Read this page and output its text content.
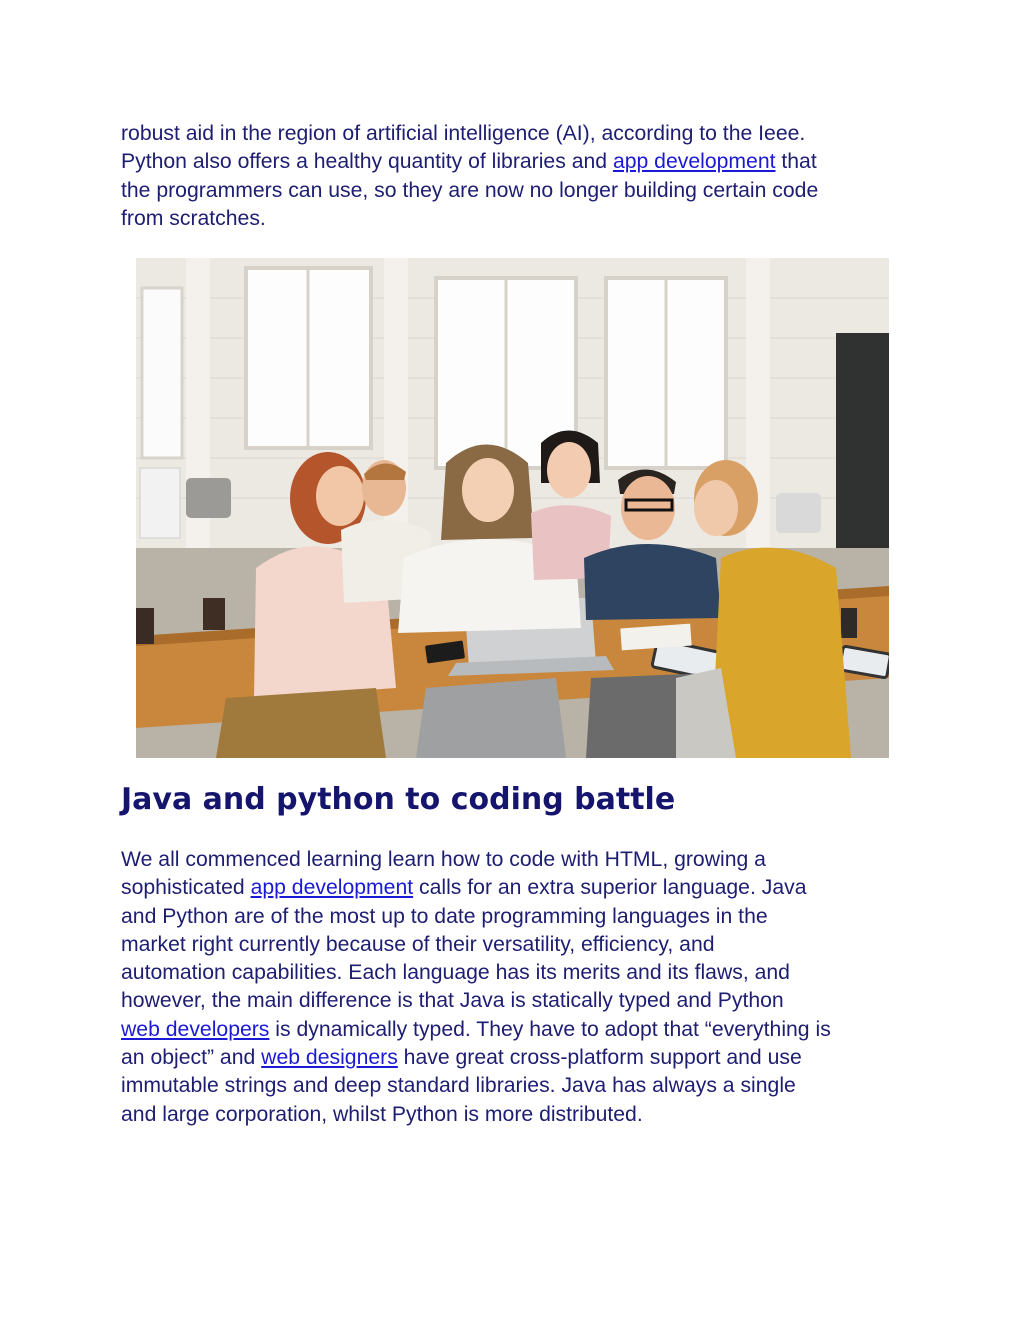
robust aid in the region of artificial intelligence (AI), according to the Ieee.
Python also offers a healthy quantity of libraries and app development that
the programmers can use, so they are now no longer building certain code
from scratches.

Java and python to coding battle

We all commenced learning learn how to code with HTML, growing a
sophisticated app development calls for an extra superior language. Java
and Python are of the most up to date programming languages in the
market right currently because of their versatility, efficiency, and
automation capabilities. Each language has its merits and its flaws, and
however, the main difference is that Java is statically typed and Python
web developers is dynamically typed. They have to adopt that “everything is
an object” and web designers have great cross-platform support and use
immutable strings and deep standard libraries. Java has always a single
and large corporation, whilst Python is more distributed.
